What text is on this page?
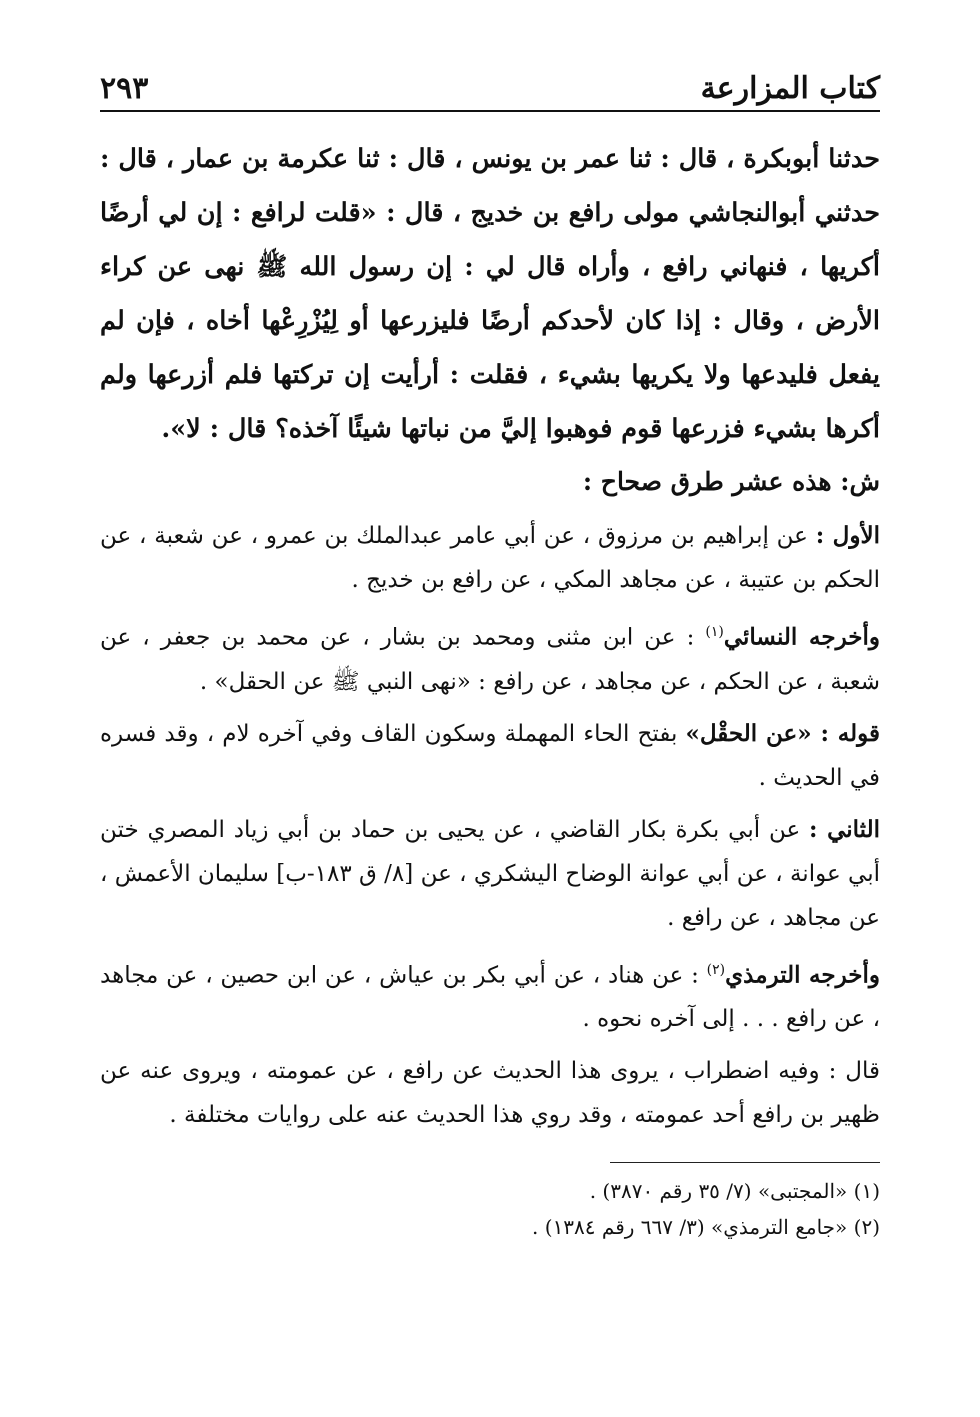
كتاب المزارعة
٢٩٣

حدثنا أبوبكرة ، قال : ثنا عمر بن يونس ، قال : ثنا عكرمة بن عمار ، قال : حدثني أبوالنجاشي مولى رافع بن خديج ، قال : «قلت لرافع : إن لي أرضًا أكريها ، فنهاني رافع ، وأراه قال لي : إن رسول الله ﷺ نهى عن كراء الأرض ، وقال : إذا كان لأحدكم أرضًا فليزرعها أو لِيُزْرِعْها أخاه ، فإن لم يفعل فليدعها ولا يكريها بشيء ، فقلت : أرأيت إن تركتها فلم أزرعها ولم أكرها بشيء فزرعها قوم فوهبوا إليَّ من نباتها شيئًا آخذه؟ قال : لا».

ش: هذه عشر طرق صحاح :

الأول : عن إبراهيم بن مرزوق ، عن أبي عامر عبدالملك بن عمرو ، عن شعبة ، عن الحكم بن عتيبة ، عن مجاهد المكي ، عن رافع بن خديج .

وأخرجه النسائي$^{(١)}$ : عن ابن مثنى ومحمد بن بشار ، عن محمد بن جعفر ، عن شعبة ، عن الحكم ، عن مجاهد ، عن رافع : «نهى النبي ﷺ عن الحقل» .

قوله : «عن الحقْل» بفتح الحاء المهملة وسكون القاف وفي آخره لام ، وقد فسره في الحديث .

الثاني : عن أبي بكرة بكار القاضي ، عن يحيى بن حماد بن أبي زياد المصري ختن أبي عوانة ، عن أبي عوانة الوضاح اليشكري ، عن [٨/ ق ١٨٣-ب] سليمان الأعمش ، عن مجاهد ، عن رافع .

وأخرجه الترمذي$^{(٢)}$ : عن هناد ، عن أبي بكر بن عياش ، عن ابن حصين ، عن مجاهد ، عن رافع . . . إلى آخره نحوه .

قال : وفيه اضطراب ، يروى هذا الحديث عن رافع ، عن عمومته ، ويروى عنه عن ظهير بن رافع أحد عمومته ، وقد روي هذا الحديث عنه على روايات مختلفة .

(١) «المجتبى» (٧/ ٣٥ رقم ٣٨٧٠) .
(٢) «جامع الترمذي» (٣/ ٦٦٧ رقم ١٣٨٤) .
